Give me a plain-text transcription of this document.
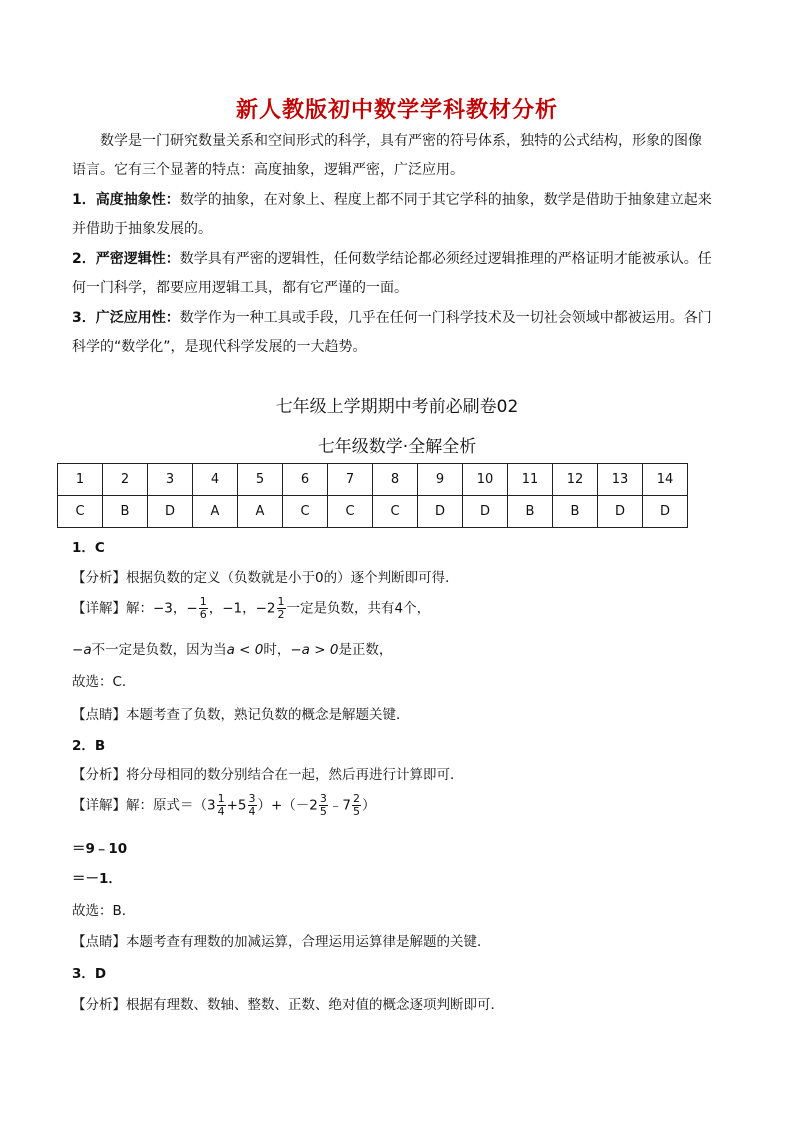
新人教版初中数学学科教材分析
数学是一门研究数量关系和空间形式的科学，具有严密的符号体系，独特的公式结构，形象的图像语言。它有三个显著的特点：高度抽象，逻辑严密，广泛应用。
1．高度抽象性：数学的抽象，在对象上、程度上都不同于其它学科的抽象，数学是借助于抽象建立起来并借助于抽象发展的。
2．严密逻辑性：数学具有严密的逻辑性，任何数学结论都必须经过逻辑推理的严格证明才能被承认。任何一门科学，都要应用逻辑工具，都有它严谨的一面。
3．广泛应用性：数学作为一种工具或手段，几乎在任何一门科学技术及一切社会领域中都被运用。各门科学的“数学化”，是现代科学发展的一大趋势。
七年级上学期期中考前必刷卷02
七年级数学·全解全析
1	2	3	4	5	6	7	8	9	10	11	12	13	14
C	B	D	A	A	C	C	C	D	D	B	B	D	D
1．C
【分析】根据负数的定义（负数就是小于0的）逐个判断即可得．
【详解】解：−3，− $\frac{1}{6}$ ，−1，$-2 \frac{1}{2}$ 一定是负数，共有4个，
−a不一定是负数，因为当a < 0时，−a > 0是正数，
故选：C．
【点睛】本题考查了负数，熟记负数的概念是解题关键．
2．B
【分析】将分母相同的数分别结合在一起，然后再进行计算即可．
【详解】解：原式$=(3 \frac{1}{4} +5 \frac{3}{4} )+(-2 \frac{3}{5}$ ﹣7 $\frac{2}{5}$ ）
＝9﹣10
＝－1．
故选：B．
【点睛】本题考查有理数的加减运算，合理运用运算律是解题的关键．
3．D
【分析】根据有理数、数轴、整数、正数、绝对值的概念逐项判断即可．
